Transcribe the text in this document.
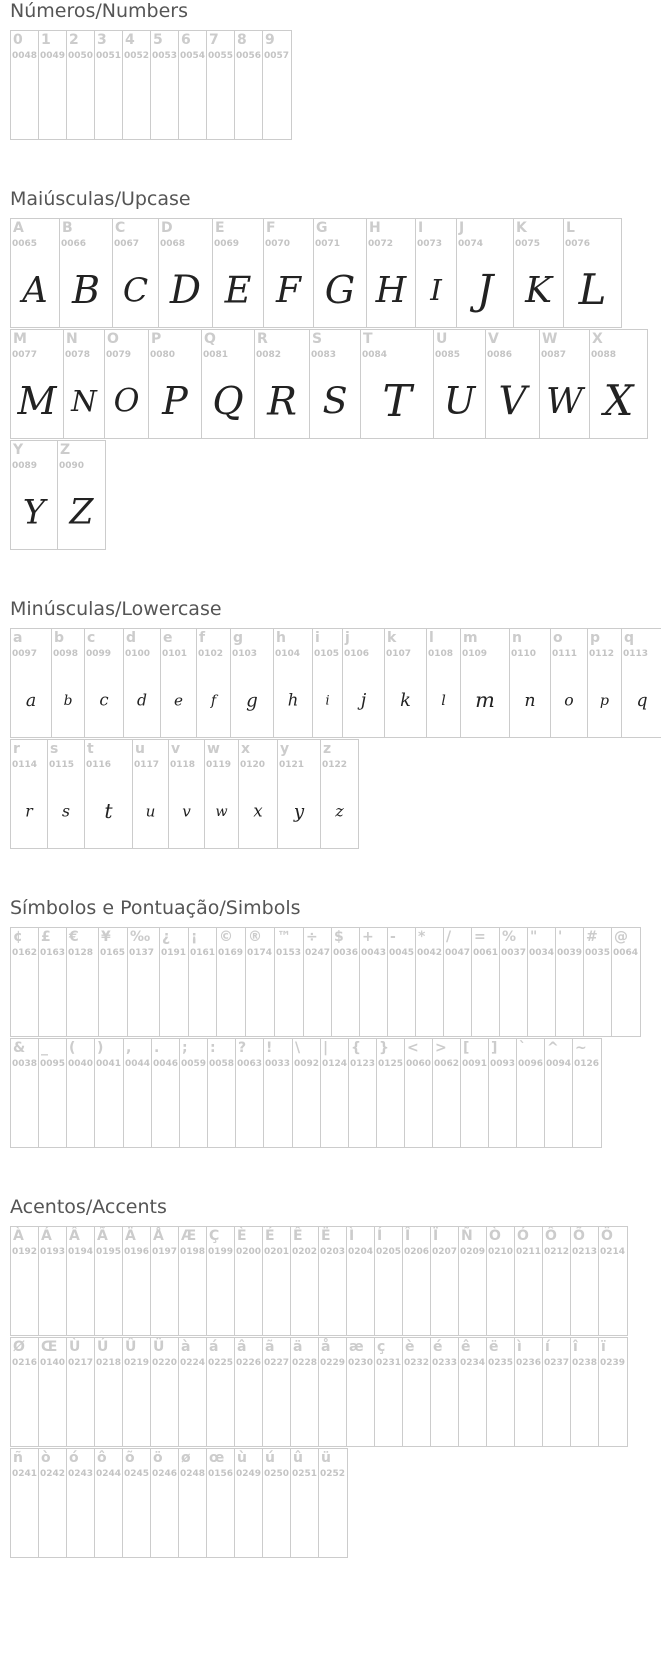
Números/Numbers
0
0048
1
0049
2
0050
3
0051
4
0052
5
0053
6
0054
7
0055
8
0056
9
0057
Maiúsculas/Upcase
A
0065
A
B
0066
B
C
0067
C
D
0068
D
E
0069
E
F
0070
F
G
0071
G
H
0072
H
I
0073
I
J
0074
J
K
0075
K
L
0076
L
M
0077
M
N
0078
N
O
0079
O
P
0080
P
Q
0081
Q
R
0082
R
S
0083
S
T
0084
T
U
0085
U
V
0086
V
W
0087
W
X
0088
X
Y
0089
Y
Z
0090
Z
Minúsculas/Lowercase
a
0097
a
b
0098
b
c
0099
c
d
0100
d
e
0101
e
f
0102
f
g
0103
g
h
0104
h
i
0105
i
j
0106
j
k
0107
k
l
0108
l
m
0109
m
n
0110
n
o
0111
o
p
0112
p
q
0113
q
r
0114
r
s
0115
s
t
0116
t
u
0117
u
v
0118
v
w
0119
w
x
0120
x
y
0121
y
z
0122
z
Símbolos e Pontuação/Simbols
¢
0162
£
0163
€
0128
¥
0165
‰
0137
¿
0191
¡
0161
©
0169
®
0174
™
0153
÷
0247
$
0036
+
0043
-
0045
*
0042
/
0047
=
0061
%
0037
"
0034
'
0039
#
0035
@
0064
&
0038
_
0095
(
0040
)
0041
,
0044
.
0046
;
0059
:
0058
?
0063
!
0033
\
0092
|
0124
{
0123
}
0125
<
0060
>
0062
[
0091
]
0093
`
0096
^
0094
~
0126
Acentos/Accents
À
0192
Á
0193
Â
0194
Ã
0195
Ä
0196
Å
0197
Æ
0198
Ç
0199
È
0200
É
0201
Ê
0202
Ë
0203
Ì
0204
Í
0205
Î
0206
Ï
0207
Ñ
0209
Ò
0210
Ó
0211
Ô
0212
Õ
0213
Ö
0214
Ø
0216
Œ
0140
Ù
0217
Ú
0218
Û
0219
Ü
0220
à
0224
á
0225
â
0226
ã
0227
ä
0228
å
0229
æ
0230
ç
0231
è
0232
é
0233
ê
0234
ë
0235
ì
0236
í
0237
î
0238
ï
0239
ñ
0241
ò
0242
ó
0243
ô
0244
õ
0245
ö
0246
ø
0248
œ
0156
ù
0249
ú
0250
û
0251
ü
0252
